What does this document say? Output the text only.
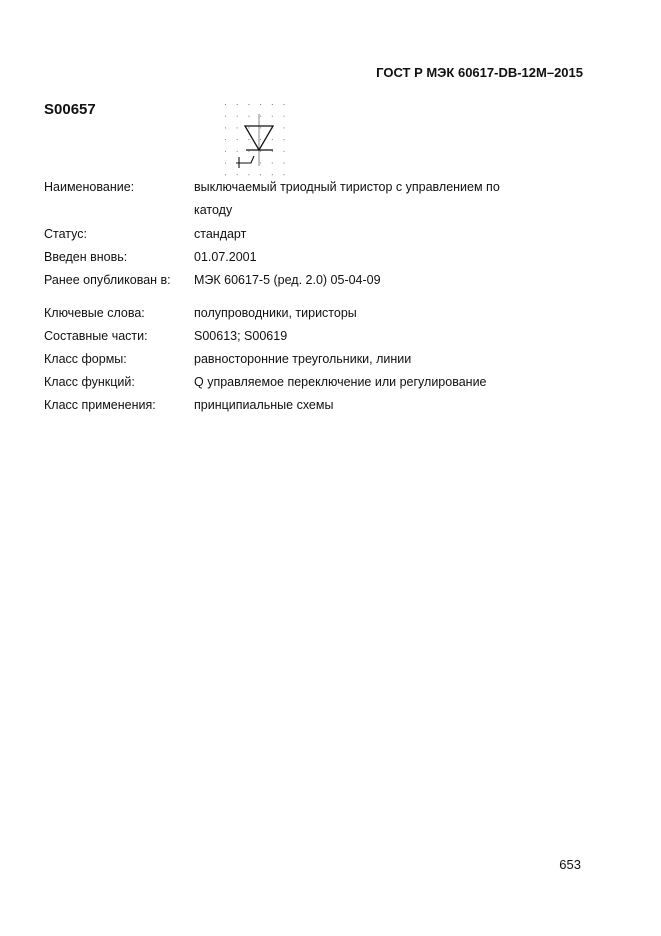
ГОСТ Р МЭК 60617-DB-12M–2015
S00657
Наименование:	выключаемый триодный тиристор с управлением по катоду
Статус:	стандарт
Введен вновь:	01.07.2001
Ранее опубликован в:	МЭК 60617-5 (ред. 2.0) 05-04-09
Ключевые слова:	полупроводники, тиристоры
Составные части:	S00613; S00619
Класс формы:	равносторонние треугольники, линии
Класс функций:	Q управляемое переключение или регулирование
Класс применения:	принципиальные схемы
653
